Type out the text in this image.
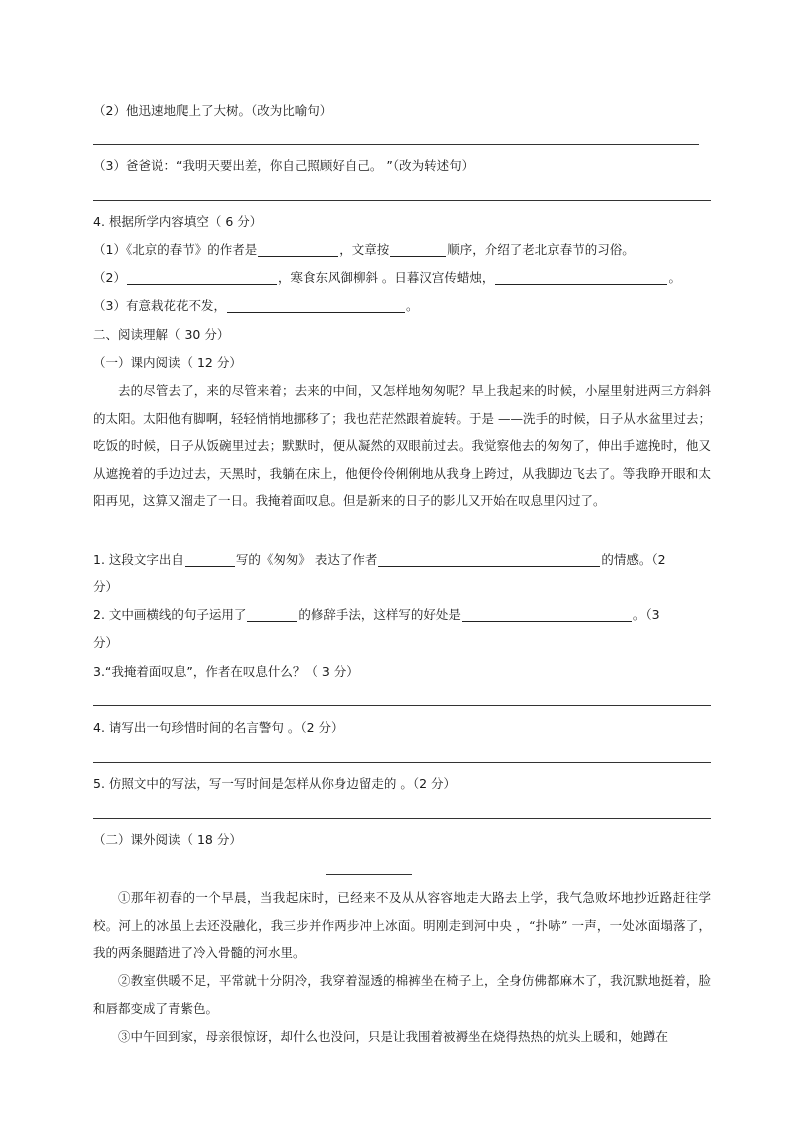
（2）他迅速地爬上了大树。（改为比喻句）
（3）爸爸说：“我明天要出差，你自己照顾好自己。 ”（改为转述句）
4. 根据所学内容填空（ 6 分）
（1）《北京的春节》的作者是	，文章按	顺序，介绍了老北京春节的习俗。
（2）	，寒食东风御柳斜 。日暮汉宫传蜡烛，	。
（3）有意栽花花不发，	。
二、阅读理解（ 30 分）
（一）课内阅读（ 12 分）
去的尽管去了，来的尽管来着；去来的中间，又怎样地匆匆呢？早上我起来的时候，小屋里射进两三方斜斜的太阳。太阳他有脚啊，轻轻悄悄地挪移了；我也茫茫然跟着旋转。于是 ——洗手的时候，日子从水盆里过去；吃饭的时候，日子从饭碗里过去；默默时，便从凝然的双眼前过去。我觉察他去的匆匆了，伸出手遮挽时，他又从遮挽着的手边过去，天黑时，我躺在床上，他便伶伶俐俐地从我身上跨过，从我脚边飞去了。等我睁开眼和太阳再见，这算又溜走了一日。我掩着面叹息。但是新来的日子的影儿又开始在叹息里闪过了。
1. 这段文字出自	写的《匆匆》 表达了作者	的情感。（2
分）
2. 文中画横线的句子运用了	的修辞手法，这样写的好处是	。（3
分）
3.“我掩着面叹息”，作者在叹息什么？（ 3 分）
4. 请写出一句珍惜时间的名言警句 。（2 分）
5. 仿照文中的写法，写一写时间是怎样从你身边留走的 。（2 分）
（二）课外阅读（ 18 分）
①那年初春的一个早晨，当我起床时，已经来不及从从容容地走大路去上学，我气急败坏地抄近路赶往学校。河上的冰虽上去还没融化，我三步并作两步冲上冰面。明刚走到河中央 ，“扑哧” 一声，一处冰面塌落了，我的两条腿踏进了冷入骨髓的河水里。
②教室供暖不足，平常就十分阴冷，我穿着湿透的棉裤坐在椅子上，全身仿佛都麻木了，我沉默地挺着，脸和唇都变成了青紫色。
③中午回到家，母亲很惊讶，却什么也没问，只是让我围着被褥坐在烧得热热的炕头上暖和，她蹲在
